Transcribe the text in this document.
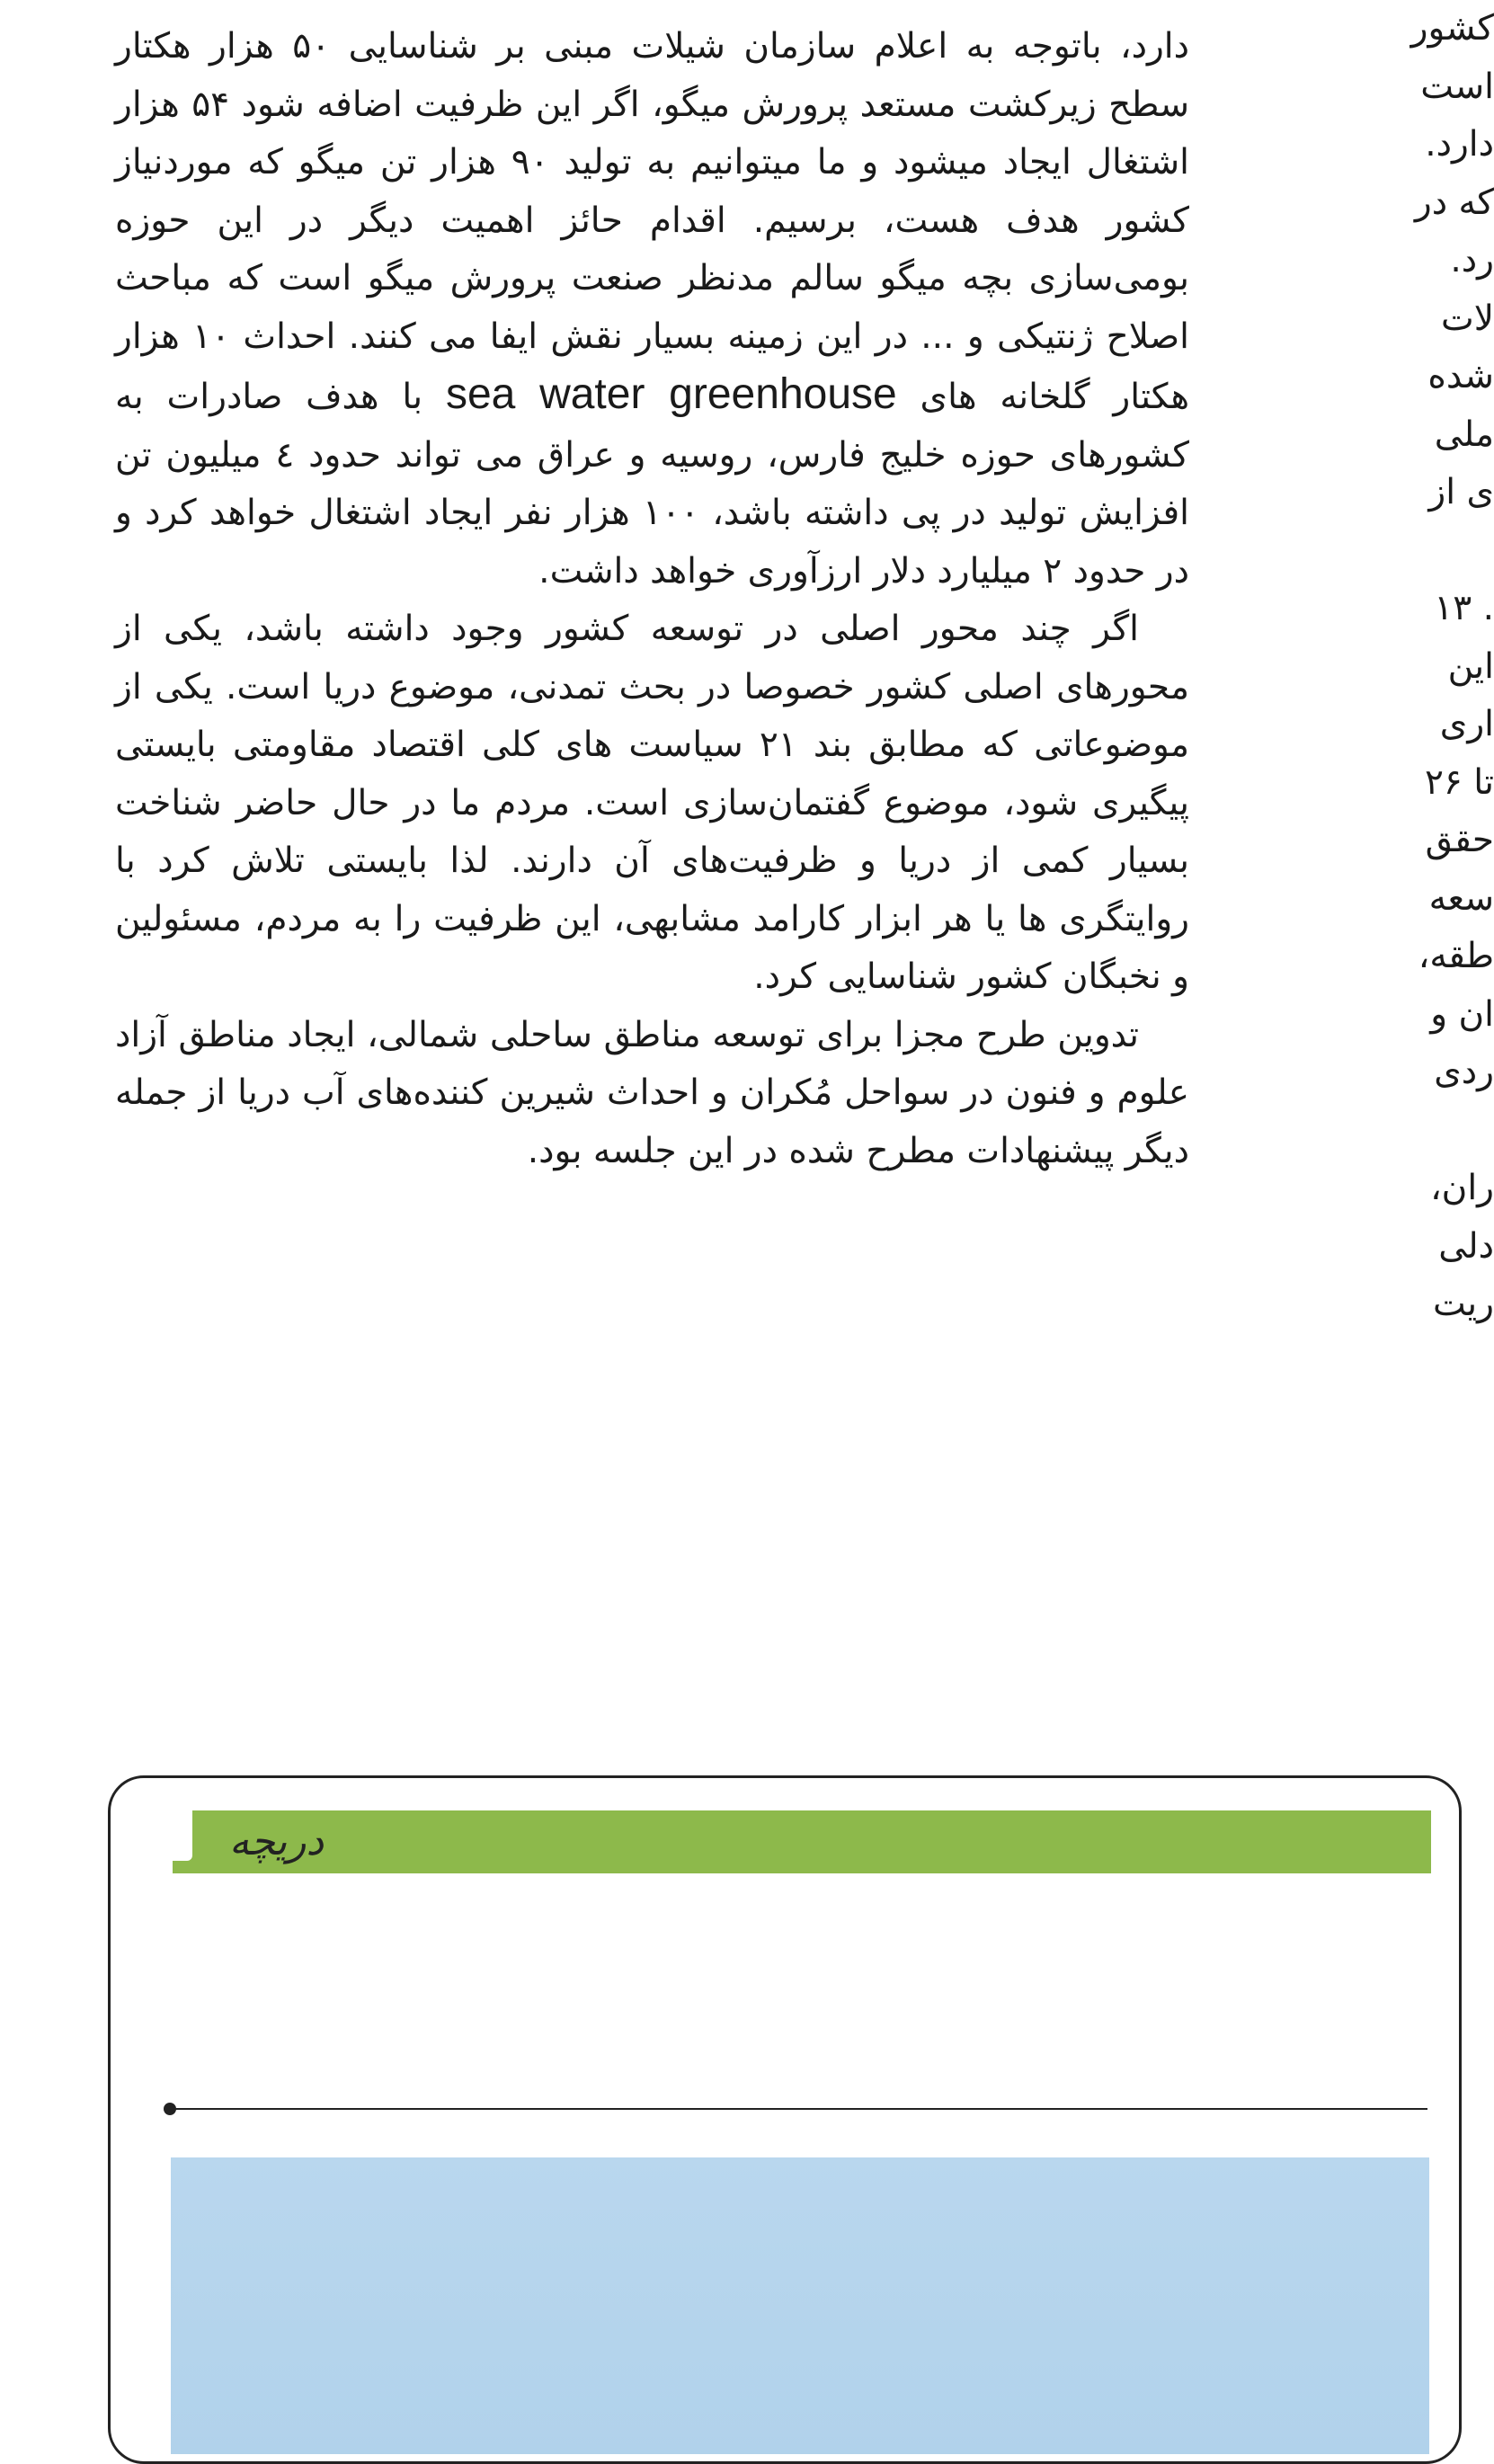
دارد، باتوجه به اعلام سازمان شیلات مبنی بر شناسایی ۵۰ هزار هکتار سطح زیرکشت مستعد پرورش میگو، اگر این ظرفیت اضافه شود ۵۴ هزار اشتغال ایجاد میشود و ما میتوانیم به تولید ۹۰ هزار تن میگو که موردنیاز کشور هدف هست، برسیم. اقدام حائز اهمیت دیگر در این حوزه بومی‌سازی بچه میگو سالم مدنظر صنعت پرورش میگو است که مباحث اصلاح ژنتیکی و ... در این زمینه بسیار نقش ایفا می کنند. احداث ۱۰ هزار هکتار گلخانه های sea water greenhouse با هدف صادرات به کشورهای حوزه خلیج فارس، روسیه و عراق می تواند حدود ٤ میلیون تن افزایش تولید در پی داشته باشد، ۱۰۰ هزار نفر ایجاد اشتغال خواهد کرد و در حدود ۲ میلیارد دلار ارزآوری خواهد داشت.

اگر چند محور اصلی در توسعه کشور وجود داشته باشد، یکی از محورهای اصلی کشور خصوصا در بحث تمدنی، موضوع دریا است. یکی از موضوعاتی که مطابق بند ۲۱ سیاست های کلی اقتصاد مقاومتی بایستی پیگیری شود، موضوع گفتمان‌سازی است. مردم ما در حال حاضر شناخت بسیار کمی از دریا و ظرفیت‌های آن دارند. لذا بایستی تلاش کرد با روایتگری ها یا هر ابزار کارامد مشابهی، این ظرفیت را به مردم، مسئولین و نخبگان کشور شناسایی کرد.

تدوین طرح مجزا برای توسعه مناطق ساحلی شمالی، ایجاد مناطق آزاد علوم و فنون در سواحل مُکران و احداث شیرین کننده‌های آب دریا از جمله دیگر پیشنهادات مطرح شده در این جلسه بود.

کشور
است
دارد.
که در
رد.
لات
شده
ملی
ی از
. ۱۳
این
اری
تا ۲۶
حقق
سعه
طقه،
ان و
ردی
ران،
دلی
ریت
دریچه
